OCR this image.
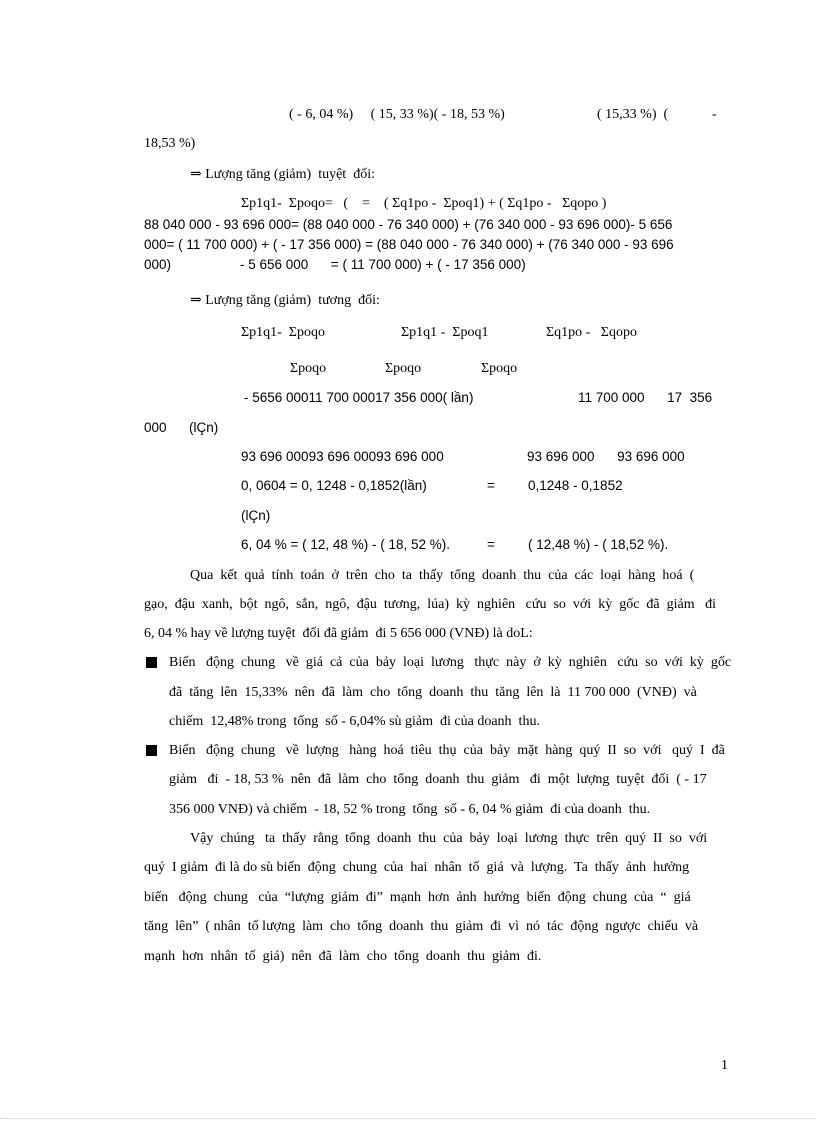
( - 6, 04 %)     ( 15, 33 %)( - 18, 53 %)	( 15,33 %)  (	-
18,53 %)
⇒ Lượng tăng (giảm)  tuyệt  đối:
Σp1q1-  Σpoqo=   (    =    ( Σq1po -  Σpoq1) + ( Σq1po -   Σqopo )
88 040 000 - 93 696 000= (88 040 000 - 76 340 000) + (76 340 000 - 93 696 000)- 5 656
000= ( 11 700 000) + ( - 17 356 000) = (88 040 000 - 76 340 000) + (76 340 000 - 93 696
000)	- 5 656 000      = ( 11 700 000) + ( - 17 356 000)
⇒ Lượng tăng (giảm)  tương  đối:
Σp1q1-  Σpoqo	Σp1q1 -  Σpoq1	Σq1po -   Σqopo
Σpoqo	Σpoqo	Σpoqo
- 5656 00011 700 00017 356 000( lần)	11 700 000      17  356
000      (lÇn)
93 696 00093 696 00093 696 000	93 696 000      93 696 000
0, 0604 = 0, 1248 - 0,1852(lần)	= 0,1248 - 0,1852
(lÇn)
6, 04 % = ( 12, 48 %) - ( 18, 52 %).	= ( 12,48 %) - ( 18,52 %).
Qua  kết  quả  tính  toán  ở  trên  cho  ta  thấy  tổng  doanh  thu  của  các  loại  hàng  hoá  (
gạo,  đậu  xanh,  bột  ngô,  sắn,  ngô,  đậu  tương,  lúa)  kỳ  nghiên   cứu  so  với  kỳ  gốc  đã  giảm   đi
6, 04 % hay về lượng tuyệt  đối đã giảm  đi 5 656 000 (VNĐ) là doL:
Biến   động  chung   về  giá  cả  của  bảy  loại  lương   thực  này  ở  kỳ  nghiên   cứu  so  với  kỳ  gốc
đã  tăng  lên  15,33%  nên  đã  làm  cho  tổng  doanh  thu  tăng  lên  là  11 700 000  (VNĐ)  và
chiếm  12,48% trong  tổng  số - 6,04% sù giảm  đi của doanh  thu.
Biến   động  chung   về  lượng   hàng  hoá  tiêu  thụ  của  bảy  mặt  hàng  quý  II  so  với   quý  I  đã
giảm   đi  - 18, 53 %  nên  đã  làm  cho  tổng  doanh  thu  giảm   đi  một  lượng  tuyệt  đối  ( - 17
356 000 VNĐ) và chiếm  - 18, 52 % trong  tổng  số - 6, 04 % giảm  đi của doanh  thu.
Vậy  chúng   ta  thấy  rằng  tổng  doanh  thu  của  bảy  loại  lương  thực  trên  quý  II  so  với
quý  I giảm  đi là do sù biến  động  chung  của  hai  nhân  tố  giá  và  lượng.  Ta  thấy  ảnh  hưởng
biến   động  chung   của  “lượng  giảm  đi”  mạnh  hơn  ảnh  hưởng  biến  động  chung  của  “  giá
tăng  lên”  ( nhân  tố lượng  làm  cho  tổng  doanh  thu  giảm  đi  vì  nó  tác  động  ngược  chiếu  và
mạnh  hơn  nhân  tố  giá)  nên  đã  làm  cho  tổng  doanh  thu  giảm  đi.
1
